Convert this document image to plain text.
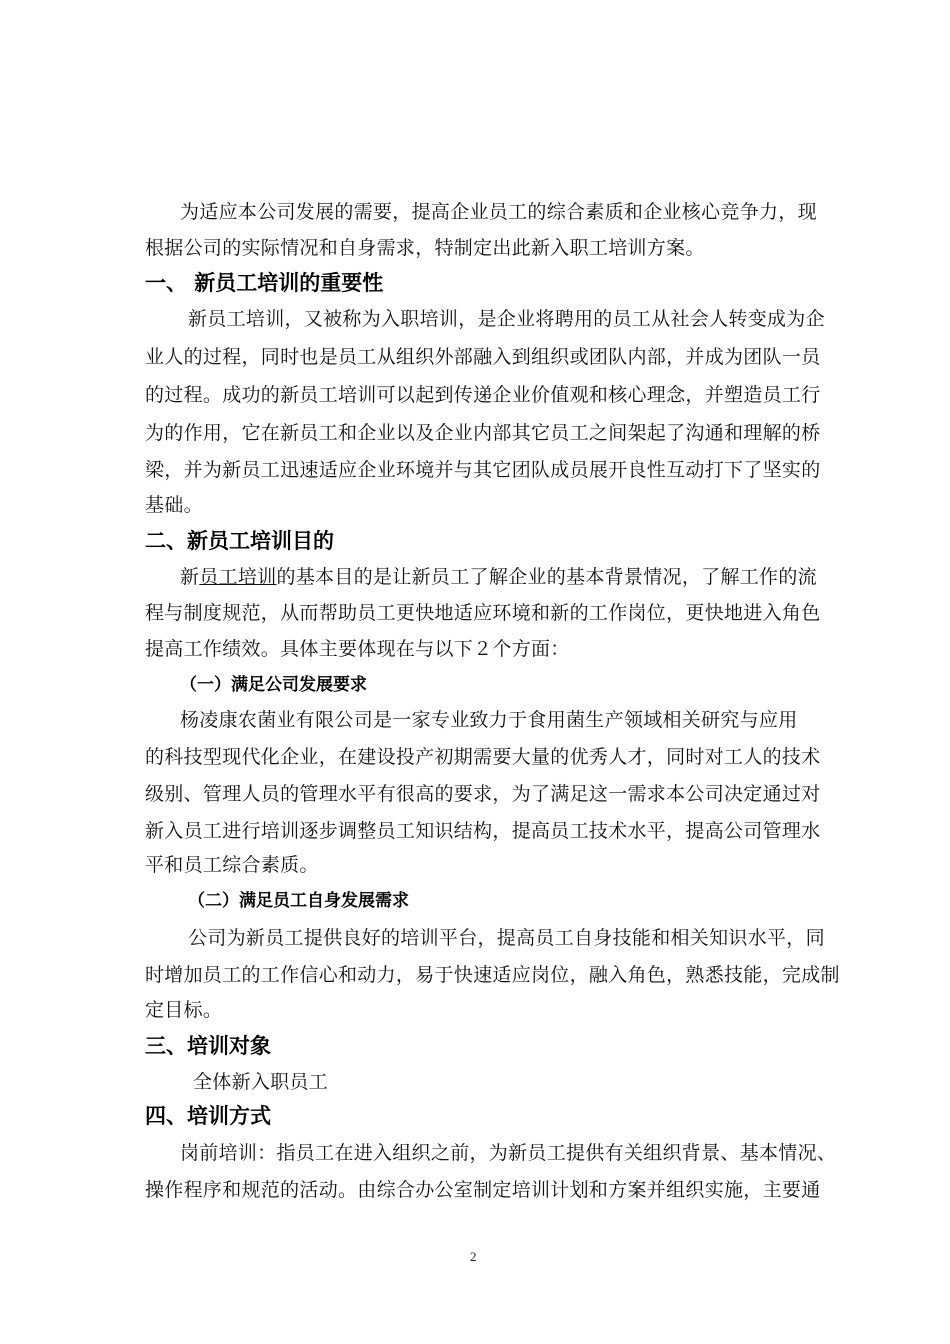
为适应本公司发展的需要，提高企业员工的综合素质和企业核心竞争力，现
根据公司的实际情况和自身需求，特制定出此新入职工培训方案。
一、 新员工培训的重要性
新员工培训，又被称为入职培训，是企业将聘用的员工从社会人转变成为企
业人的过程，同时也是员工从组织外部融入到组织或团队内部，并成为团队一员
的过程。成功的新员工培训可以起到传递企业价值观和核心理念，并塑造员工行
为的作用，它在新员工和企业以及企业内部其它员工之间架起了沟通和理解的桥
梁，并为新员工迅速适应企业环境并与其它团队成员展开良性互动打下了坚实的
基础。
二、新员工培训目的
新员工培训的基本目的是让新员工了解企业的基本背景情况，了解工作的流
程与制度规范，从而帮助员工更快地适应环境和新的工作岗位，更快地进入角色
提高工作绩效。具体主要体现在与以下２个方面：
（一）满足公司发展要求
杨凌康农菌业有限公司是一家专业致力于食用菌生产领域相关研究与应用
的科技型现代化企业，在建设投产初期需要大量的优秀人才，同时对工人的技术
级别、管理人员的管理水平有很高的要求，为了满足这一需求本公司决定通过对
新入员工进行培训逐步调整员工知识结构，提高员工技术水平，提高公司管理水
平和员工综合素质。
（二）满足员工自身发展需求
公司为新员工提供良好的培训平台，提高员工自身技能和相关知识水平，同
时增加员工的工作信心和动力，易于快速适应岗位，融入角色，熟悉技能，完成制
定目标。
三、培训对象
全体新入职员工
四、培训方式
岗前培训：指员工在进入组织之前，为新员工提供有关组织背景、基本情况、
操作程序和规范的活动。由综合办公室制定培训计划和方案并组织实施，主要通
2
